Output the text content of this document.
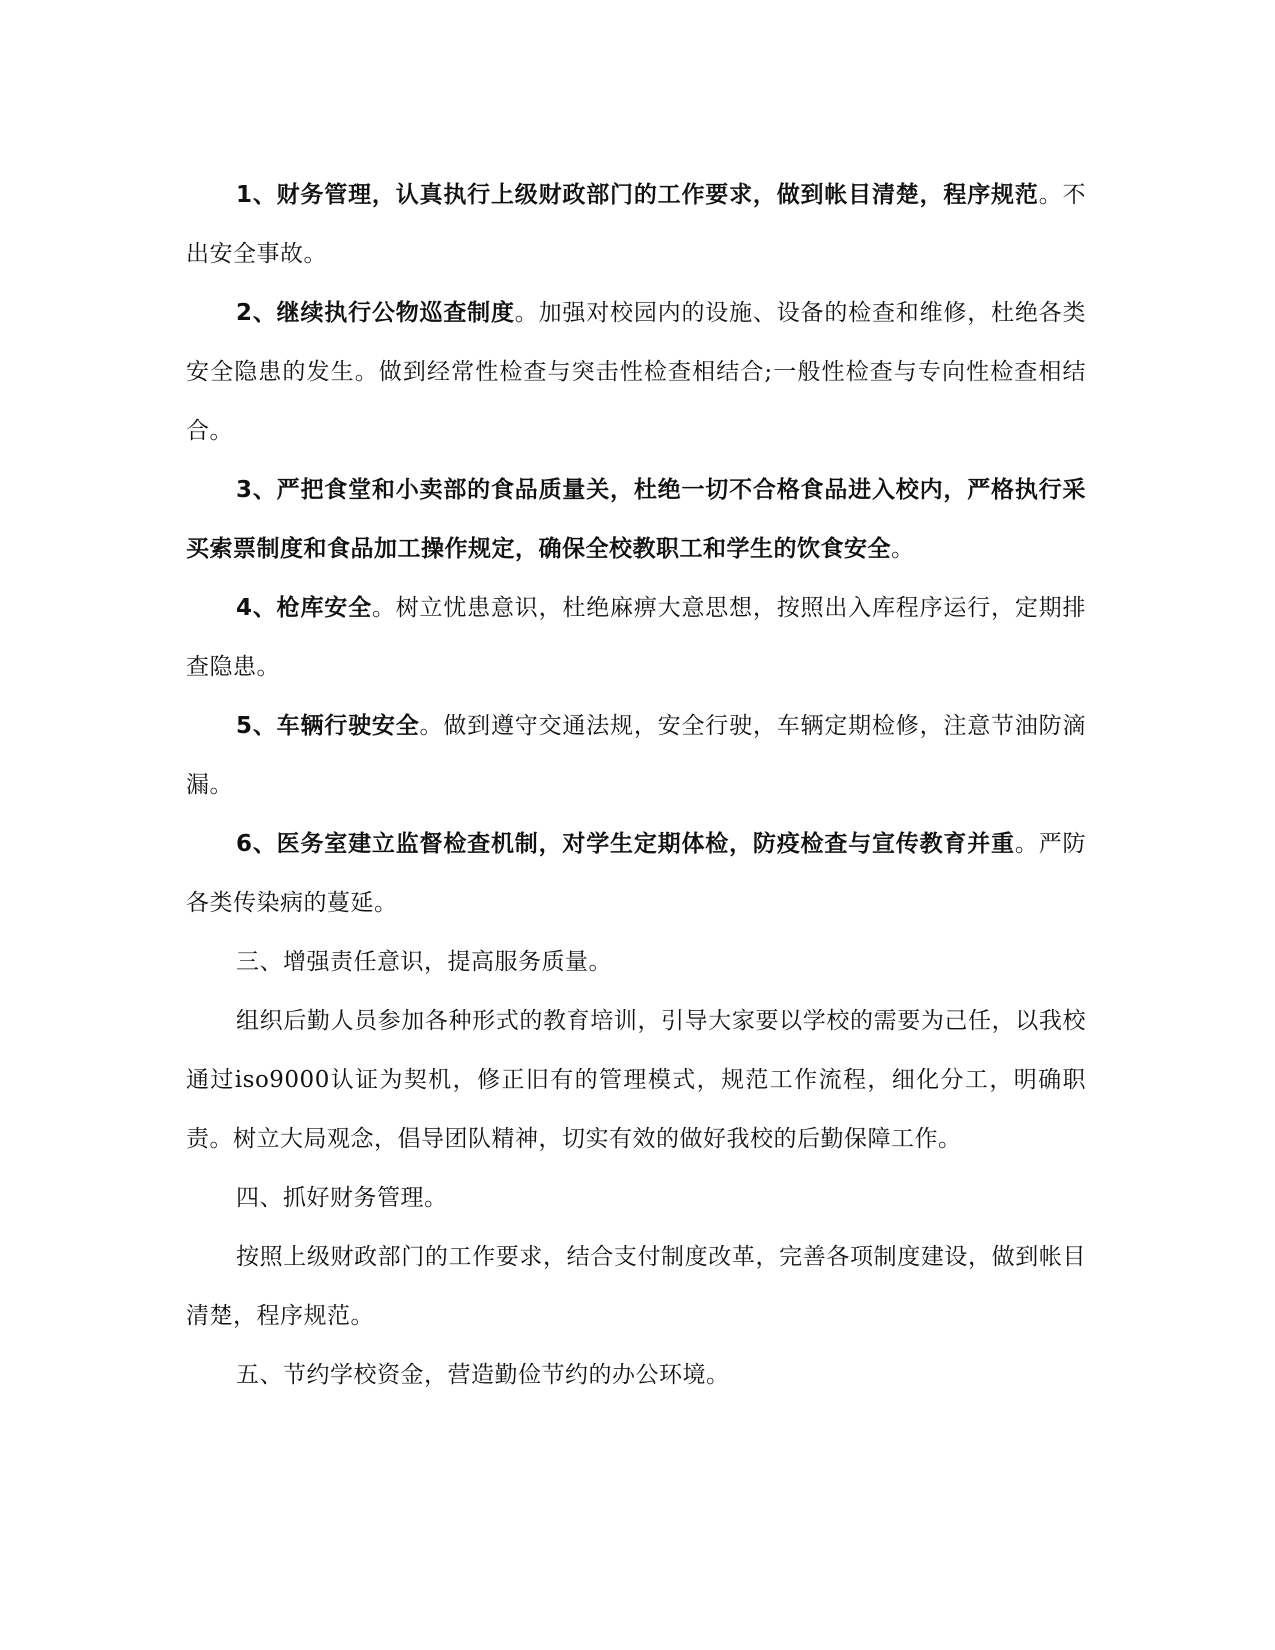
1、财务管理，认真执行上级财政部门的工作要求，做到帐目清楚，程序规范。不出安全事故。

2、继续执行公物巡查制度。加强对校园内的设施、设备的检查和维修，杜绝各类安全隐患的发生。做到经常性检查与突击性检查相结合;一般性检查与专向性检查相结合。

3、严把食堂和小卖部的食品质量关，杜绝一切不合格食品进入校内，严格执行采买索票制度和食品加工操作规定，确保全校教职工和学生的饮食安全。

4、枪库安全。树立忧患意识，杜绝麻痹大意思想，按照出入库程序运行，定期排查隐患。

5、车辆行驶安全。做到遵守交通法规，安全行驶，车辆定期检修，注意节油防滴漏。

6、医务室建立监督检查机制，对学生定期体检，防疫检查与宣传教育并重。严防各类传染病的蔓延。

三、增强责任意识，提高服务质量。

组织后勤人员参加各种形式的教育培训，引导大家要以学校的需要为己任，以我校通过iso9000认证为契机，修正旧有的管理模式，规范工作流程，细化分工，明确职责。树立大局观念，倡导团队精神，切实有效的做好我校的后勤保障工作。

四、抓好财务管理。

按照上级财政部门的工作要求，结合支付制度改革，完善各项制度建设，做到帐目清楚，程序规范。

五、节约学校资金，营造勤俭节约的办公环境。
